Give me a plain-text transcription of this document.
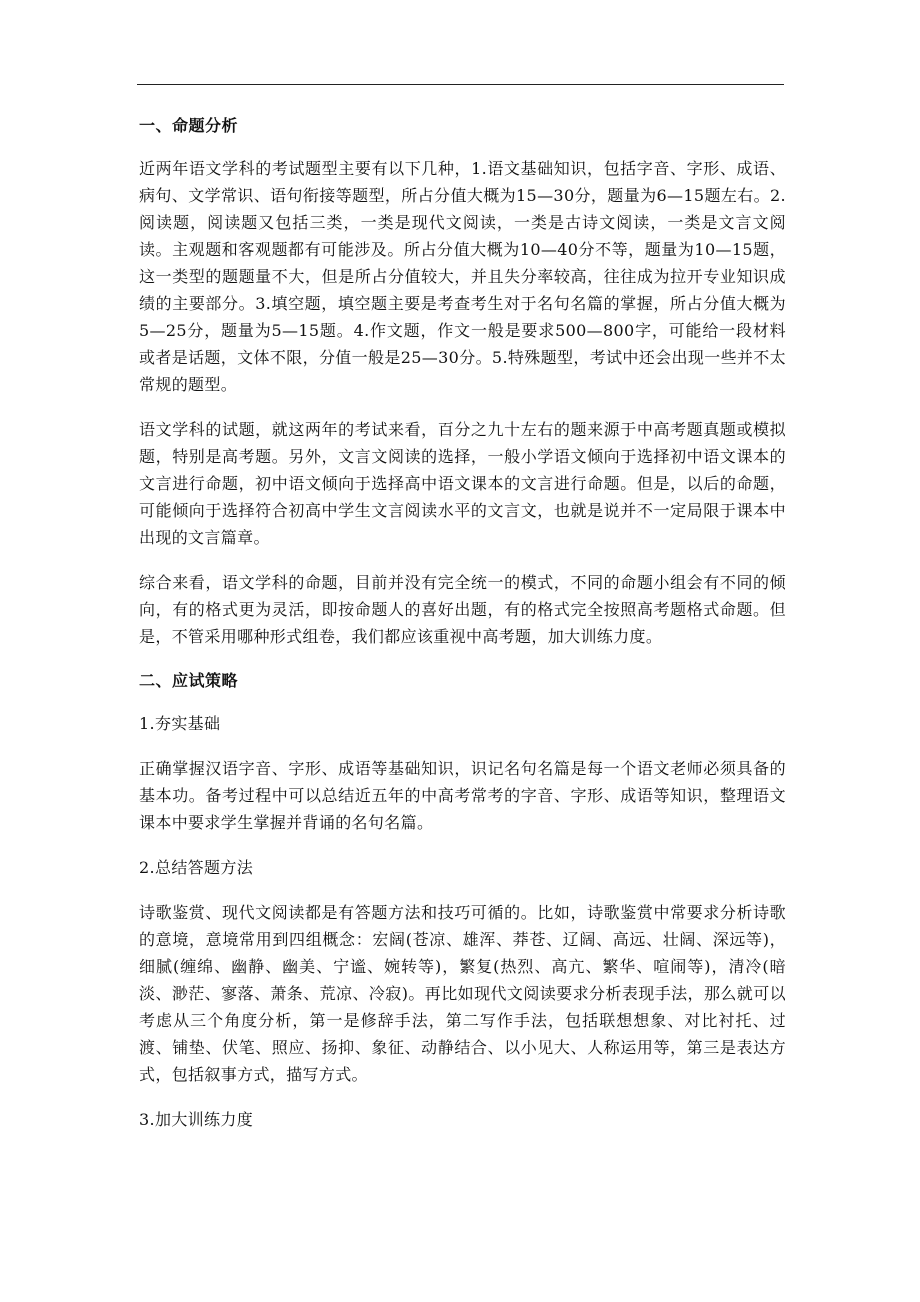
一、命题分析
近两年语文学科的考试题型主要有以下几种，1.语文基础知识，包括字音、字形、成语、病句、文学常识、语句衔接等题型，所占分值大概为15—30分，题量为6—15题左右。2.阅读题，阅读题又包括三类，一类是现代文阅读，一类是古诗文阅读，一类是文言文阅读。主观题和客观题都有可能涉及。所占分值大概为10—40分不等，题量为10—15题，这一类型的题题量不大，但是所占分值较大，并且失分率较高，往往成为拉开专业知识成绩的主要部分。3.填空题，填空题主要是考查考生对于名句名篇的掌握，所占分值大概为5—25分，题量为5—15题。4.作文题，作文一般是要求500—800字，可能给一段材料或者是话题，文体不限，分值一般是25—30分。5.特殊题型，考试中还会出现一些并不太常规的题型。
语文学科的试题，就这两年的考试来看，百分之九十左右的题来源于中高考题真题或模拟题，特别是高考题。另外，文言文阅读的选择，一般小学语文倾向于选择初中语文课本的文言进行命题，初中语文倾向于选择高中语文课本的文言进行命题。但是，以后的命题，可能倾向于选择符合初高中学生文言阅读水平的文言文，也就是说并不一定局限于课本中出现的文言篇章。
综合来看，语文学科的命题，目前并没有完全统一的模式，不同的命题小组会有不同的倾向，有的格式更为灵活，即按命题人的喜好出题，有的格式完全按照高考题格式命题。但是，不管采用哪种形式组卷，我们都应该重视中高考题，加大训练力度。
二、应试策略
1.夯实基础
正确掌握汉语字音、字形、成语等基础知识，识记名句名篇是每一个语文老师必须具备的基本功。备考过程中可以总结近五年的中高考常考的字音、字形、成语等知识，整理语文课本中要求学生掌握并背诵的名句名篇。
2.总结答题方法
诗歌鉴赏、现代文阅读都是有答题方法和技巧可循的。比如，诗歌鉴赏中常要求分析诗歌的意境，意境常用到四组概念：宏阔(苍凉、雄浑、莽苍、辽阔、高远、壮阔、深远等)，细腻(缠绵、幽静、幽美、宁谧、婉转等)，繁复(热烈、高亢、繁华、喧闹等)，清冷(暗淡、渺茫、寥落、萧条、荒凉、冷寂)。再比如现代文阅读要求分析表现手法，那么就可以考虑从三个角度分析，第一是修辞手法，第二写作手法，包括联想想象、对比衬托、过渡、铺垫、伏笔、照应、扬抑、象征、动静结合、以小见大、人称运用等，第三是表达方式，包括叙事方式，描写方式。
3.加大训练力度
